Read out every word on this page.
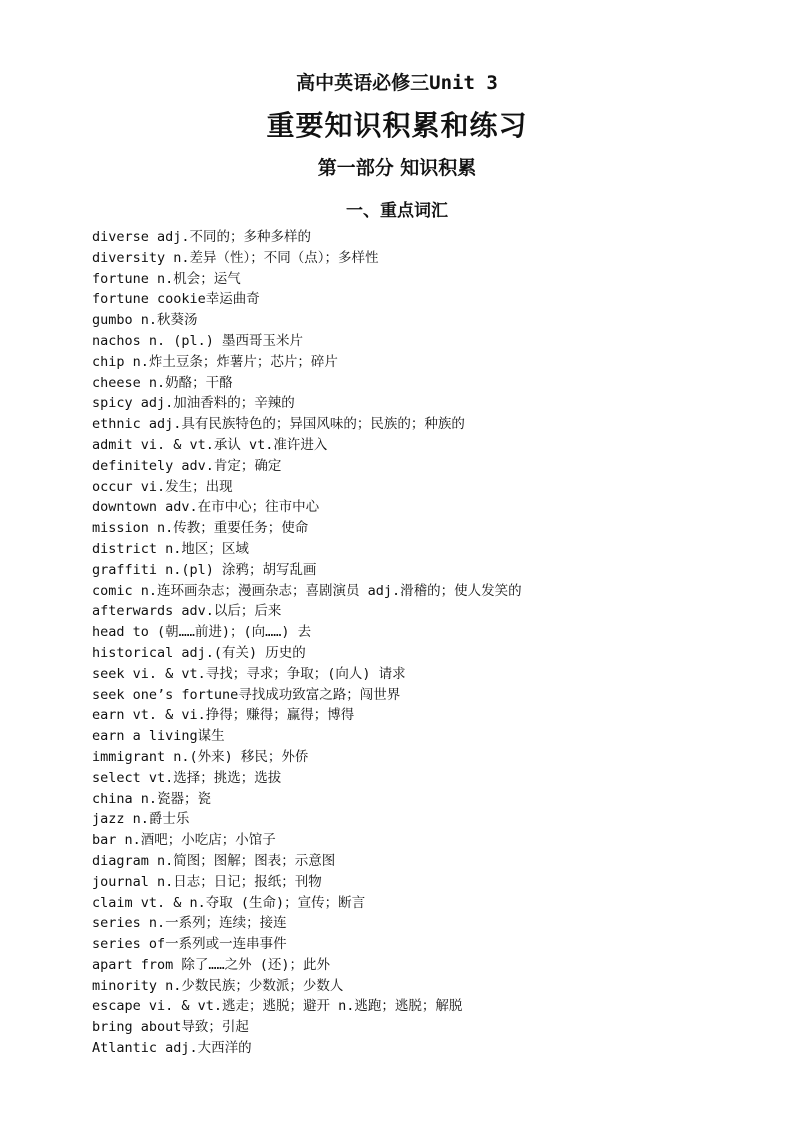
高中英语必修三Unit 3
重要知识积累和练习
第一部分 知识积累
一、重点词汇
diverse adj.不同的；多种多样的
diversity n.差异（性）；不同（点）；多样性
fortune n.机会；运气
fortune cookie幸运曲奇
gumbo n.秋葵汤
nachos n. (pl.) 墨西哥玉米片
chip n.炸土豆条；炸薯片；芯片；碎片
cheese n.奶酪；干酪
spicy adj.加油香料的；辛辣的
ethnic adj.具有民族特色的；异国风味的；民族的；种族的
admit vi. & vt.承认 vt.准许进入
definitely adv.肯定；确定
occur vi.发生；出现
downtown adv.在市中心；往市中心
mission n.传教；重要任务；使命
district n.地区；区域
graffiti n.(pl) 涂鸦；胡写乱画
comic n.连环画杂志；漫画杂志；喜剧演员 adj.滑稽的；使人发笑的
afterwards adv.以后；后来
head to (朝……前进)；(向……) 去
historical adj.(有关) 历史的
seek vi. & vt.寻找；寻求；争取；(向人) 请求
seek one’s fortune寻找成功致富之路；闯世界
earn vt. & vi.挣得；赚得；赢得；博得
earn a living谋生
immigrant n.(外来) 移民；外侨
select vt.选择；挑选；选拔
china n.瓷器；瓷
jazz n.爵士乐
bar n.酒吧；小吃店；小馆子
diagram n.简图；图解；图表；示意图
journal n.日志；日记；报纸；刊物
claim vt. & n.夺取 (生命)；宣传；断言
series n.一系列；连续；接连
series of一系列或一连串事件
apart from 除了……之外 (还)；此外
minority n.少数民族；少数派；少数人
escape vi. & vt.逃走；逃脱；避开 n.逃跑；逃脱；解脱
bring about导致；引起
Atlantic adj.大西洋的
